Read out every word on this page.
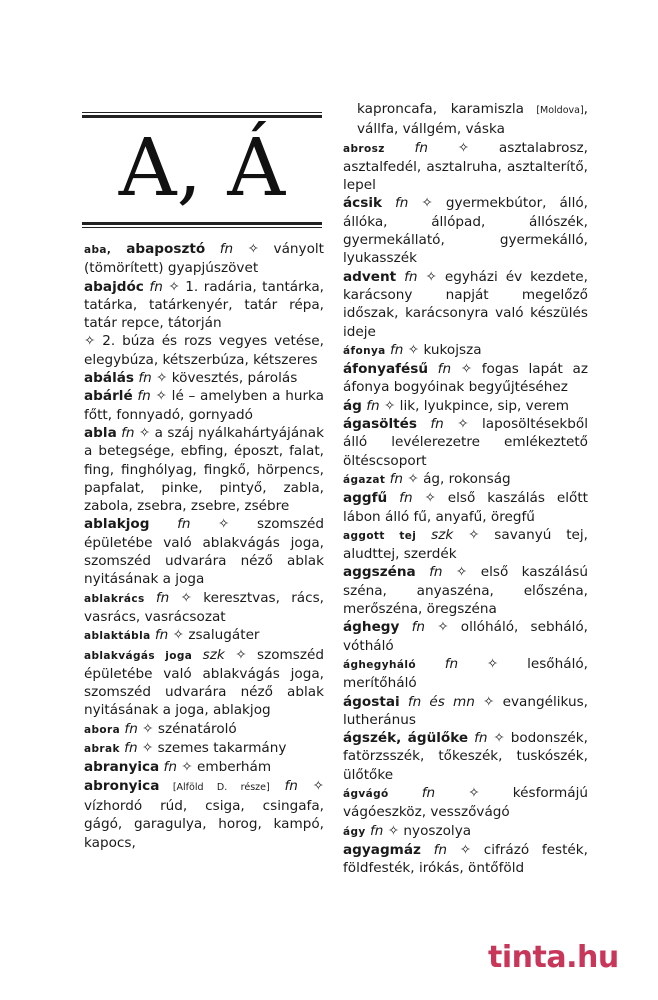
A, Á
aba, abaposztó fn ✧ ványolt (tömörített) gyapjúszövet
abajdóc fn ✧ 1. radária, tantárka, tatárka, tatárkenyér, tatár répa, tatár repce, tátorján
✧ 2. búza és rozs vegyes vetése, elegybúza, kétszerbúza, kétszeres
abálás fn ✧ kövesztés, párolás
abárlé fn ✧ lé – amelyben a hurka főtt, fonnyadó, gornyadó
abla fn ✧ a száj nyálkahártyájának a betegsége, ebfing, époszt, falat, fing, finghólyag, fingkő, hörpencs, papfalat, pinke, pintyő, zabla, zabola, zsebra, zsebre, zsébre
ablakjog fn ✧ szomszéd épületébe való ablakvágás joga, szomszéd udvarára néző ablak nyitásának a joga
ablakrács fn ✧ keresztvas, rács, vasrács, vasrácsozat
ablaktábla fn ✧ zsalugáter
ablakvágás joga szk ✧ szomszéd épületébe való ablakvágás joga, szomszéd udvarára néző ablak nyitásának a joga, ablakjog
abora fn ✧ szénatároló
abrak fn ✧ szemes takarmány
abranyica fn ✧ emberhám
abronyica [Alföld D. része] fn ✧ vízhordó rúd, csiga, csingafa, gágó, garagulya, horog, kampó, kapocs,
kaproncafa, karamiszla [Moldova], vállfa, vállgém, váska
abrosz fn ✧ asztalabrosz, asztalfedél, asztalruha, asztalterítő, lepel
ácsik fn ✧ gyermekbútor, álló, állóka, állópad, állószék, gyermekállató, gyermekálló, lyukasszék
advent fn ✧ egyházi év kezdete, karácsony napját megelőző időszak, karácsonyra való készülés ideje
áfonya fn ✧ kukojsza
áfonyafésű fn ✧ fogas lapát az áfonya bogyóinak begyűjtéséhez
ág fn ✧ lik, lyukpince, sip, verem
ágasöltés fn ✧ laposöltésekből álló levélerezetre emlékeztető öltéscsoport
ágazat fn ✧ ág, rokonság
aggfű fn ✧ első kaszálás előtt lábon álló fű, anyafű, öregfű
aggott tej szk ✧ savanyú tej, aludttej, szerdék
aggszéna fn ✧ első kaszálású széna, anyaszéna, előszéna, merőszéna, öregszéna
ághegy fn ✧ ollóháló, sebháló, vótháló
ághegyháló fn ✧ lesőháló, merítőháló
ágostai fn és mn ✧ evangélikus, lutheránus
ágszék, ágülőke fn ✧ bodonszék, fatörzsszék, tőkeszék, tuskószék, ülőtőke
ágvágó fn ✧ késformájú vágóeszköz, vesszővágó
ágy fn ✧ nyoszolya
agyagmáz fn ✧ cifrázó festék, földfesték, irókás, öntőföld
tinta.hu
